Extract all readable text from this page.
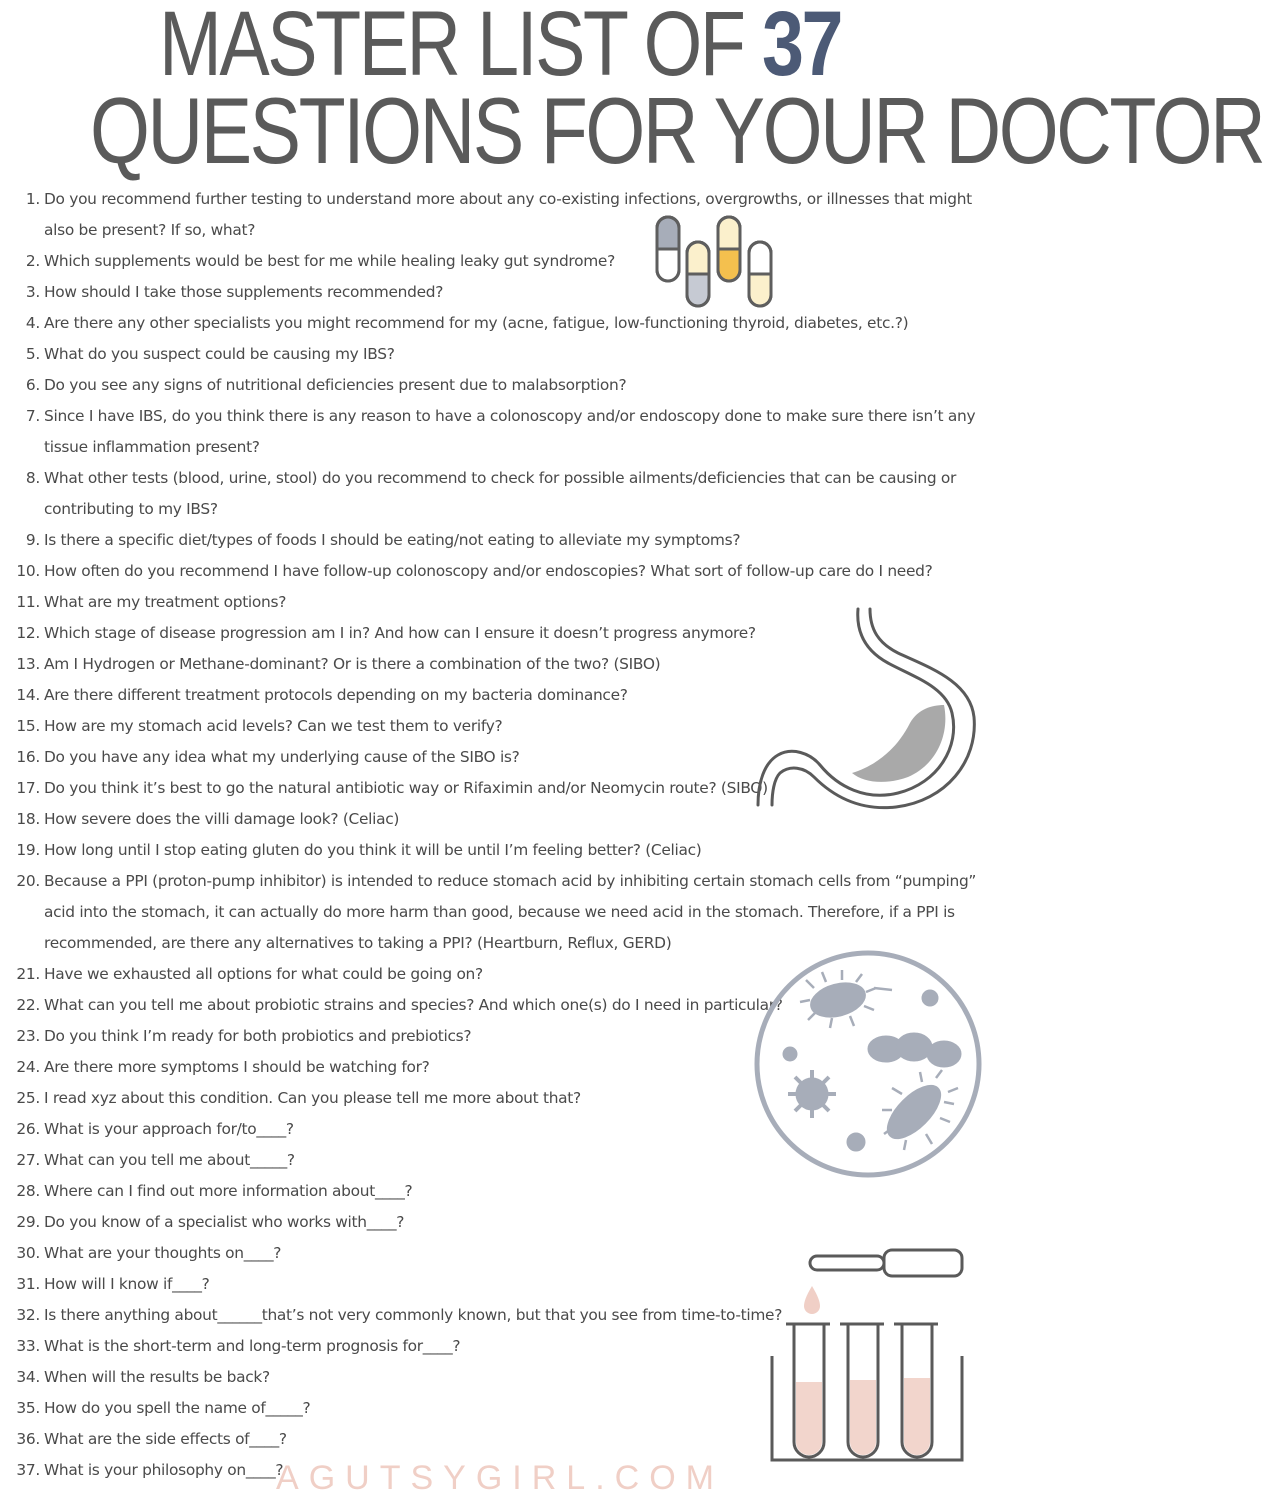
MASTER LIST OF 37
QUESTIONS FOR YOUR DOCTOR
1. Do you recommend further testing to understand more about any co-existing infections, overgrowths, or illnesses that might also be present? If so, what?
2. Which supplements would be best for me while healing leaky gut syndrome?
3. How should I take those supplements recommended?
4. Are there any other specialists you might recommend for my (acne, fatigue, low-functioning thyroid, diabetes, etc.?)
5. What do you suspect could be causing my IBS?
6. Do you see any signs of nutritional deficiencies present due to malabsorption?
7. Since I have IBS, do you think there is any reason to have a colonoscopy and/or endoscopy done to make sure there isn’t any tissue inflammation present?
8. What other tests (blood, urine, stool) do you recommend to check for possible ailments/deficiencies that can be causing or contributing to my IBS?
9. Is there a specific diet/types of foods I should be eating/not eating to alleviate my symptoms?
10. How often do you recommend I have follow-up colonoscopy and/or endoscopies? What sort of follow-up care do I need?
11. What are my treatment options?
12. Which stage of disease progression am I in? And how can I ensure it doesn’t progress anymore?
13. Am I Hydrogen or Methane-dominant? Or is there a combination of the two? (SIBO)
14. Are there different treatment protocols depending on my bacteria dominance?
15. How are my stomach acid levels? Can we test them to verify?
16. Do you have any idea what my underlying cause of the SIBO is?
17. Do you think it’s best to go the natural antibiotic way or Rifaximin and/or Neomycin route? (SIBO)
18. How severe does the villi damage look? (Celiac)
19. How long until I stop eating gluten do you think it will be until I’m feeling better? (Celiac)
20. Because a PPI (proton-pump inhibitor) is intended to reduce stomach acid by inhibiting certain stomach cells from “pumping” acid into the stomach, it can actually do more harm than good, because we need acid in the stomach. Therefore, if a PPI is recommended, are there any alternatives to taking a PPI? (Heartburn, Reflux, GERD)
21. Have we exhausted all options for what could be going on?
22. What can you tell me about probiotic strains and species? And which one(s) do I need in particular?
23. Do you think I’m ready for both probiotics and prebiotics?
24. Are there more symptoms I should be watching for?
25. I read xyz about this condition. Can you please tell me more about that?
26. What is your approach for/to____?
27. What can you tell me about_____?
28. Where can I find out more information about____?
29. Do you know of a specialist who works with____?
30. What are your thoughts on____?
31. How will I know if____?
32. Is there anything about______that’s not very commonly known, but that you see from time-to-time?
33. What is the short-term and long-term prognosis for____?
34. When will the results be back?
35. How do you spell the name of_____?
36. What are the side effects of____?
37. What is your philosophy on____?
AGUTSYGIRL.COM
